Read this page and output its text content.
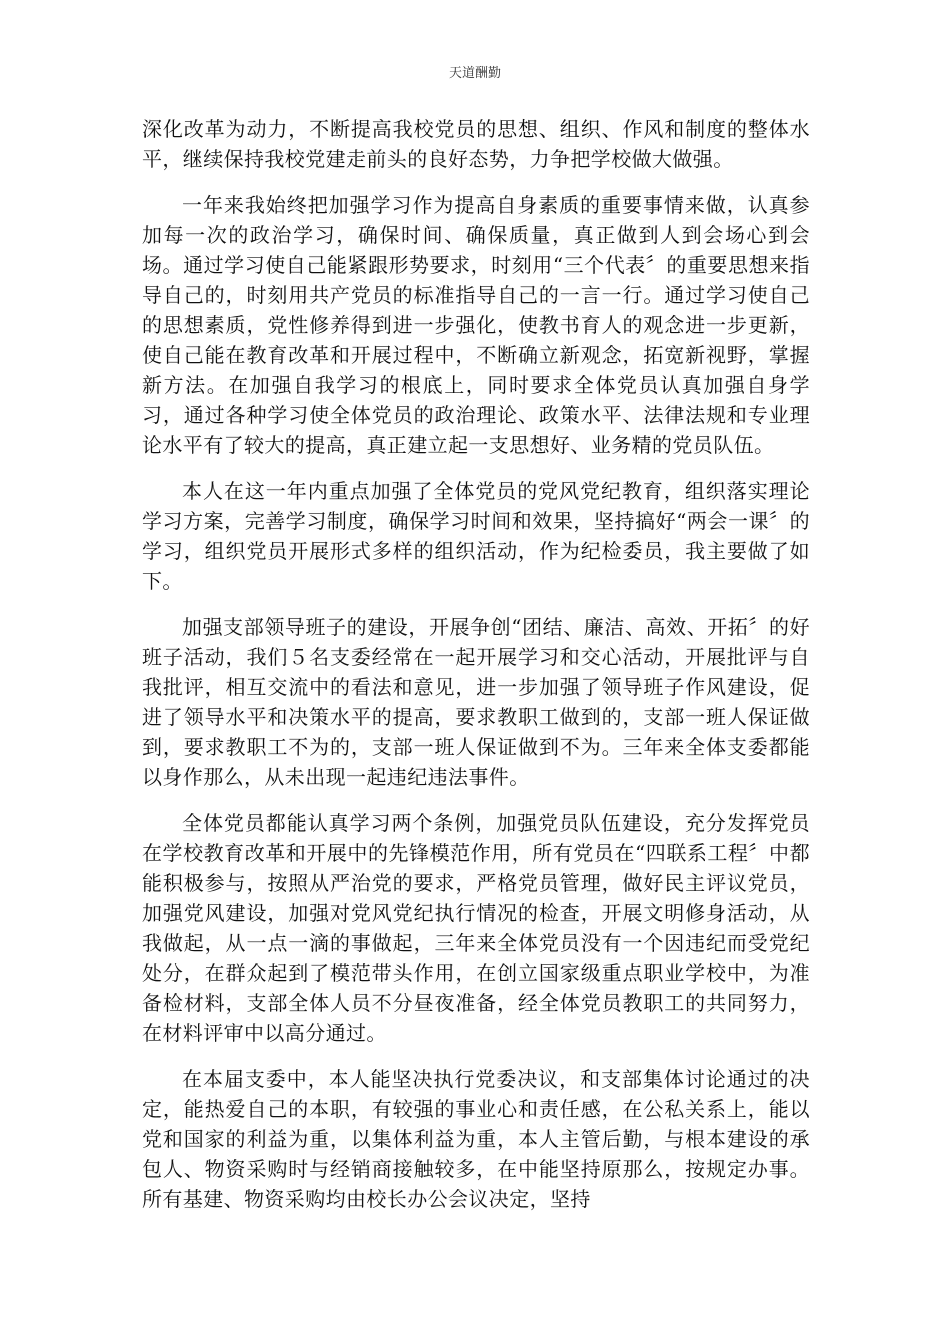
天道酬勤

深化改革为动力，不断提高我校党员的思想、组织、作风和制度的整体水平，继续保持我校党建走前头的良好态势，力争把学校做大做强。

一年来我始终把加强学习作为提高自身素质的重要事情来做，认真参加每一次的政治学习，确保时间、确保质量，真正做到人到会场心到会场。通过学习使自己能紧跟形势要求，时刻用“三个代表〞的重要思想来指导自己的，时刻用共产党员的标准指导自己的一言一行。通过学习使自己的思想素质，党性修养得到进一步强化，使教书育人的观念进一步更新，使自己能在教育改革和开展过程中，不断确立新观念，拓宽新视野，掌握新方法。在加强自我学习的根底上，同时要求全体党员认真加强自身学习，通过各种学习使全体党员的政治理论、政策水平、法律法规和专业理论水平有了较大的提高，真正建立起一支思想好、业务精的党员队伍。

本人在这一年内重点加强了全体党员的党风党纪教育，组织落实理论学习方案，完善学习制度，确保学习时间和效果，坚持搞好“两会一课〞的学习，组织党员开展形式多样的组织活动，作为纪检委员，我主要做了如下。

加强支部领导班子的建设，开展争创“团结、廉洁、高效、开拓〞的好班子活动，我们５名支委经常在一起开展学习和交心活动，开展批评与自我批评，相互交流中的看法和意见，进一步加强了领导班子作风建设，促进了领导水平和决策水平的提高，要求教职工做到的，支部一班人保证做到，要求教职工不为的，支部一班人保证做到不为。三年来全体支委都能以身作那么，从未出现一起违纪违法事件。

全体党员都能认真学习两个条例，加强党员队伍建设，充分发挥党员在学校教育改革和开展中的先锋模范作用，所有党员在“四联系工程〞中都能积极参与，按照从严治党的要求，严格党员管理，做好民主评议党员，加强党风建设，加强对党风党纪执行情况的检查，开展文明修身活动，从我做起，从一点一滴的事做起，三年来全体党员没有一个因违纪而受党纪处分，在群众起到了模范带头作用，在创立国家级重点职业学校中，为准备检材料，支部全体人员不分昼夜准备，经全体党员教职工的共同努力，在材料评审中以高分通过。

在本届支委中，本人能坚决执行党委决议，和支部集体讨论通过的决定，能热爱自己的本职，有较强的事业心和责任感，在公私关系上，能以党和国家的利益为重，以集体利益为重，本人主管后勤，与根本建设的承包人、物资采购时与经销商接触较多，在中能坚持原那么，按规定办事。所有基建、物资采购均由校长办公会议决定，坚持
